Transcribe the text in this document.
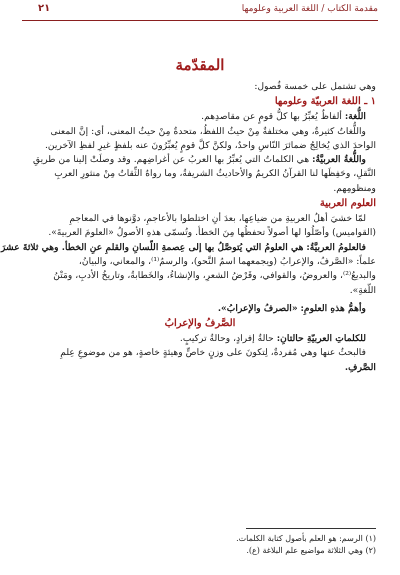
مقدمة الكتاب / اللغة العربية وعلومها
٢١
المقدّمة
وهي تشتمل على خمسة فُصول:
١ ـ اللغة العربيّة وعلومها
اللُّغة: ألفاظٌ يُعبِّرُ بها كلُّ قومٍ عن مقاصدِهم.
واللُّغاتُ كثيرةٌ، وهي مختلفةٌ مِنْ حيثُ اللفظُ، متحدةٌ مِنْ حيثُ المعنى، أي: إنَّ المعنى
الواحدَ الذي يُخالِجُ ضمائرَ النّاسِ واحدٌ، ولكنَّ كلَّ قومٍ يُعبِّرُونَ عنه بلفظٍ غيرِ لفظِ الآخرين.
واللُّغةُ العربيَّةُ: هي الكلماتُ التي يُعبِّرُ بها العربُ عن أغراضِهم. وقد وصلَتْ إلينا من طريقِ
النَّقلِ، وحَفِظَها لنا القرآنُ الكريمُ والأحاديثُ الشريفةُ، وما رواهُ الثِّقاتُ مِنْ منثورِ العربِ
ومنظومِهم.
العلوم العربية
لمّا خشيَ أهلُ العربيةِ من ضياعِها، بعدَ أنِ اختلطوا بالأعاجمِ، دوَّنوها في المعاجمِ
(القواميس) وأصّلُوا لها أصولاً تحفظُها مِنَ الخطأ. وتُسمّى هذهِ الأصولُ «العلومَ العربيةَ».
فالعلومُ العربيَّةُ: هي العلومُ التي يُتوصَّلُ بها إلى عِصمةِ اللّسانِ والقلمِ عنِ الخطأ. وهي ثلاثةَ عشرَ
علماً: «الصَّرفُ، والإعرابُ (ويجمعهما اسمُ النَّحو)، والرسمُ⁽¹⁾، والمعاني، والبيانُ،
والبديعُ⁽²⁾، والعروضُ، والقوافي، وقَرْضُ الشعرِ، والإنشاءُ، والخَطابةُ، وتاريخُ الأدبِ، ومَتْنُ
اللّغةِ».
وأهمُّ هذهِ العلومِ: «الصرفُ والإعرابُ».
الصَّرفُ والإعرابُ
للكلماتِ العربيّةِ حالتانِ: حالةُ إفرادٍ، وحالةُ تركيبٍ.
فالبحثُ عنها وهي مُفردةٌ، لِتكونَ على وزنٍ خاصٍّ وهيئةٍ خاصةٍ، هو من موضوعِ عِلمِ
الصَّرفِ.
(١) الرسم: هو العلم بأصول كتابة الكلمات.
(٢) وهي الثلاثة مواضيع علم البلاغة (ع).
